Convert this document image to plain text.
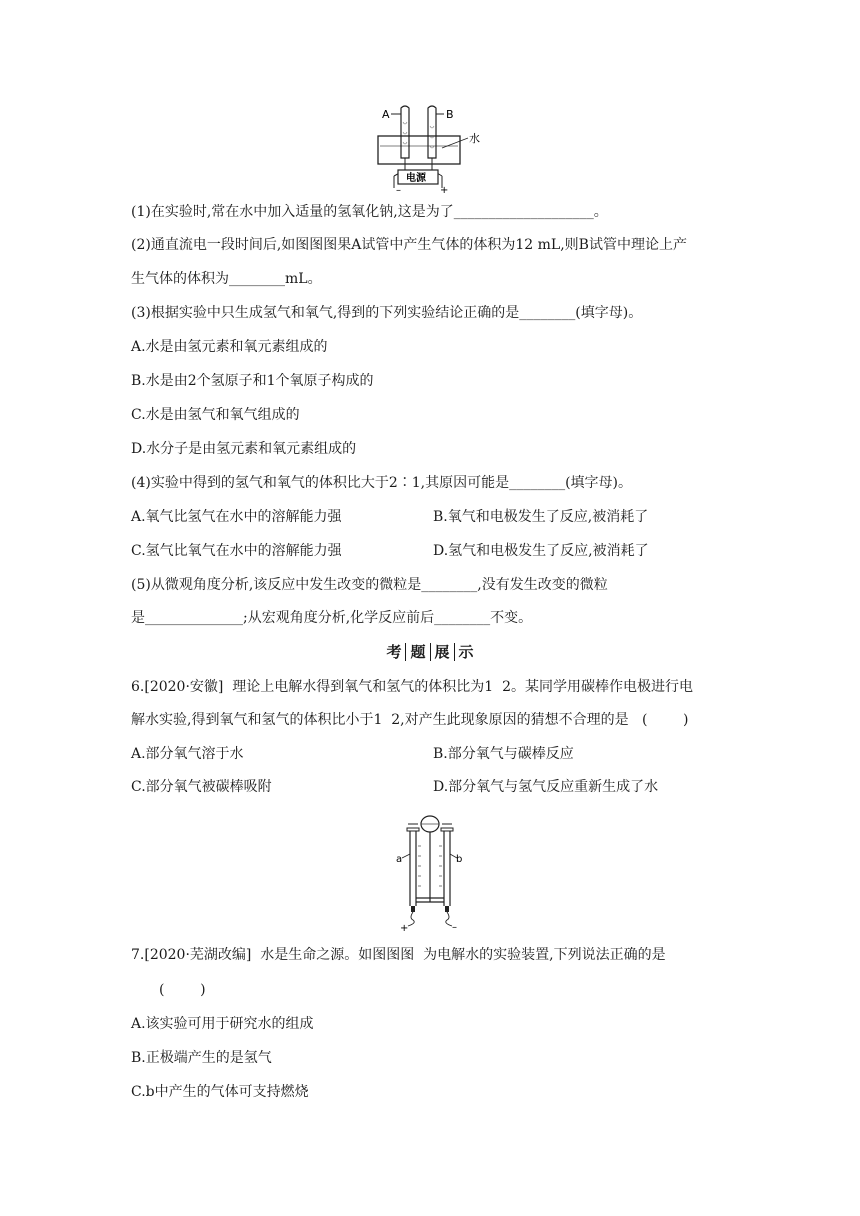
A	B
水
电源
–	+
(1)在实验时,常在水中加入适量的氢氧化钠,这是为了____________________。
(2)通直流电一段时间后,如图图图果A试管中产生气体的体积为12 mL,则B试管中理论上产
生气体的体积为________mL。
(3)根据实验中只生成氢气和氧气,得到的下列实验结论正确的是________(填字母)。
A.水是由氢元素和氧元素组成的
B.水是由2个氢原子和1个氧原子构成的
C.水是由氢气和氧气组成的
D.水分子是由氢元素和氧元素组成的
(4)实验中得到的氢气和氧气的体积比大于2∶1,其原因可能是________(填字母)。
A.氧气比氢气在水中的溶解能力强	B.氧气和电极发生了反应,被消耗了
C.氢气比氧气在水中的溶解能力强	D.氢气和电极发生了反应,被消耗了
(5)从微观角度分析,该反应中发生改变的微粒是________,没有发生改变的微粒
是______________;从宏观角度分析,化学反应前后________不变。
考 题 展 示
6.[2020·安徽]  理论上电解水得到氧气和氢气的体积比为1  2。某同学用碳棒作电极进行电
解水实验,得到氧气和氢气的体积比小于1  2,对产生此现象原因的猜想不合理的是   (        )
A.部分氧气溶于水	B.部分氧气与碳棒反应
C.部分氧气被碳棒吸附	D.部分氧气与氢气反应重新生成了水
a	b
+	–
7.[2020·芜湖改编]  水是生命之源。如图图图  为电解水的实验装置,下列说法正确的是
(        )
A.该实验可用于研究水的组成
B.正极端产生的是氢气
C.b中产生的气体可支持燃烧
